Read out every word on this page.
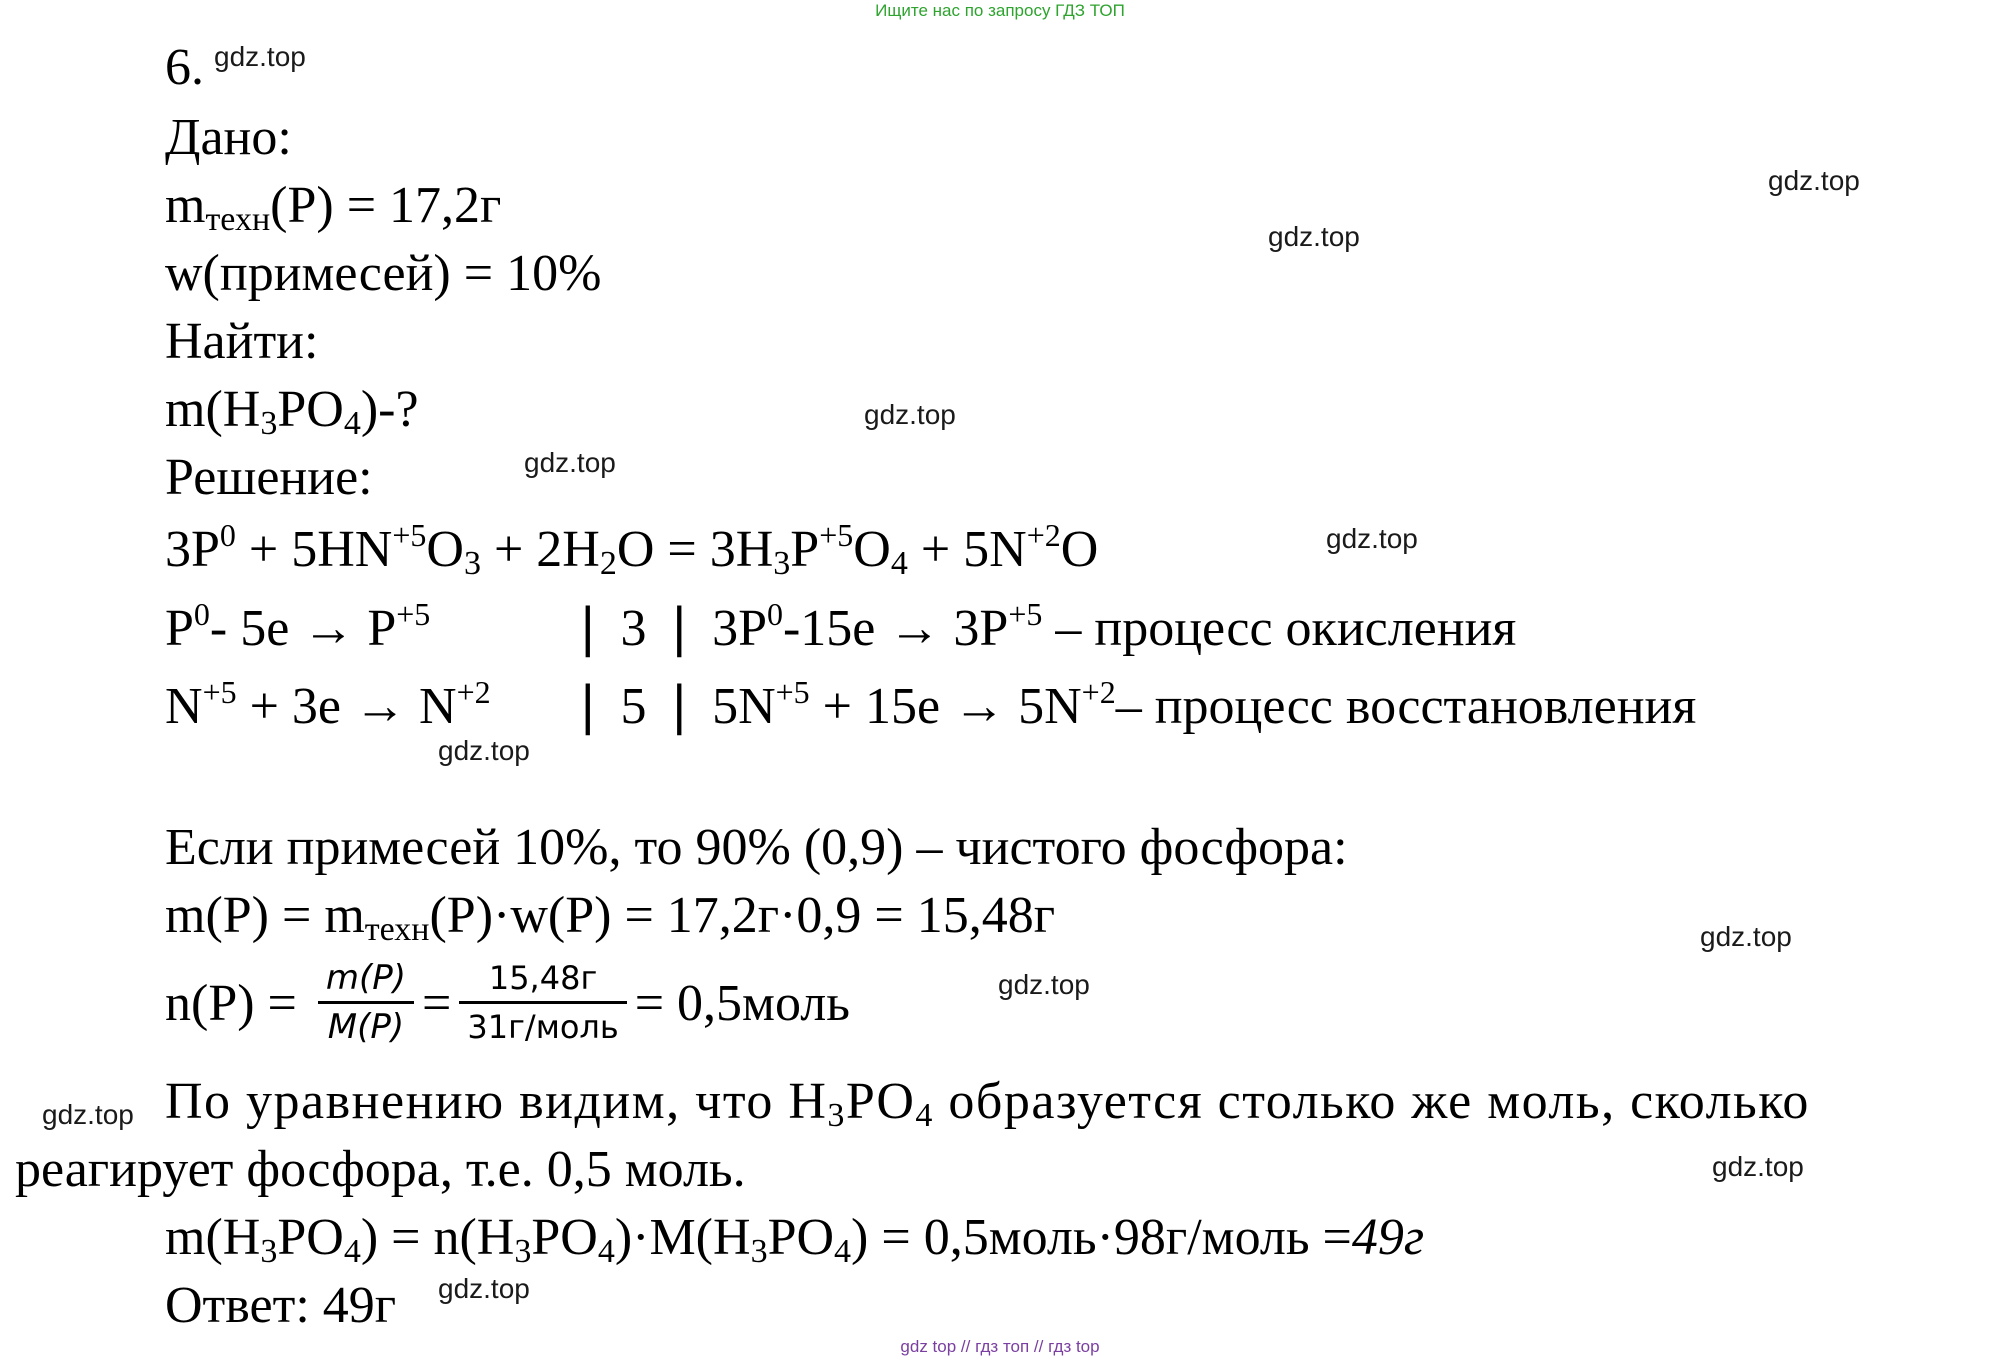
Ищите нас по запросу ГДЗ ТОП
6.
Дано:
$m_{техн}(P) = 17,2г$
w(примесей) = 10%
Найти:
$m(H_3PO_4)-$?
Решение:
$3P^0 + 5HN^{+5}O_3 + 2H_2O = 3H_3P^{+5}O_4 + 5N^{+2}O$
$P^0-$ $5e \to P^{+5}$	| 3 | $3P^0-15e \to 3P^{+5}$ – процесс окисления
$N^{+5} + 3e \to N^{+2}$ | 5 | $5N^{+5} + 15e \to 5N^{+2}-$ процесс восстановления
Если примесей 10%, то 90% (0,9) – чистого фосфора:
$m(P) = m_{техн}(P)\cdot w(P) = 17,2г\cdot 0,9 = 15,48г$
$n(P) = \frac{m(P)}{M(P)} = \frac{15,48г}{\text{31г/моль}}$ = 0,5моль
По уравнению видим, что $H_3PO_4$ образуется столько же моль, сколько
реагирует фосфора, т.е. 0,5 моль.
$m(H_3PO_4) = n(H_3PO_4)\cdot M(H_3PO_4)$ = 0,5моль·98г/моль =49г
Ответ: 49г
gdz.top
gdz.top
gdz.top
gdz.top
gdz.top
gdz.top
gdz.top
gdz.top
gdz.top
gdz.top
gdz.top
gdz.top
gdz top // гдз топ // гдз top
